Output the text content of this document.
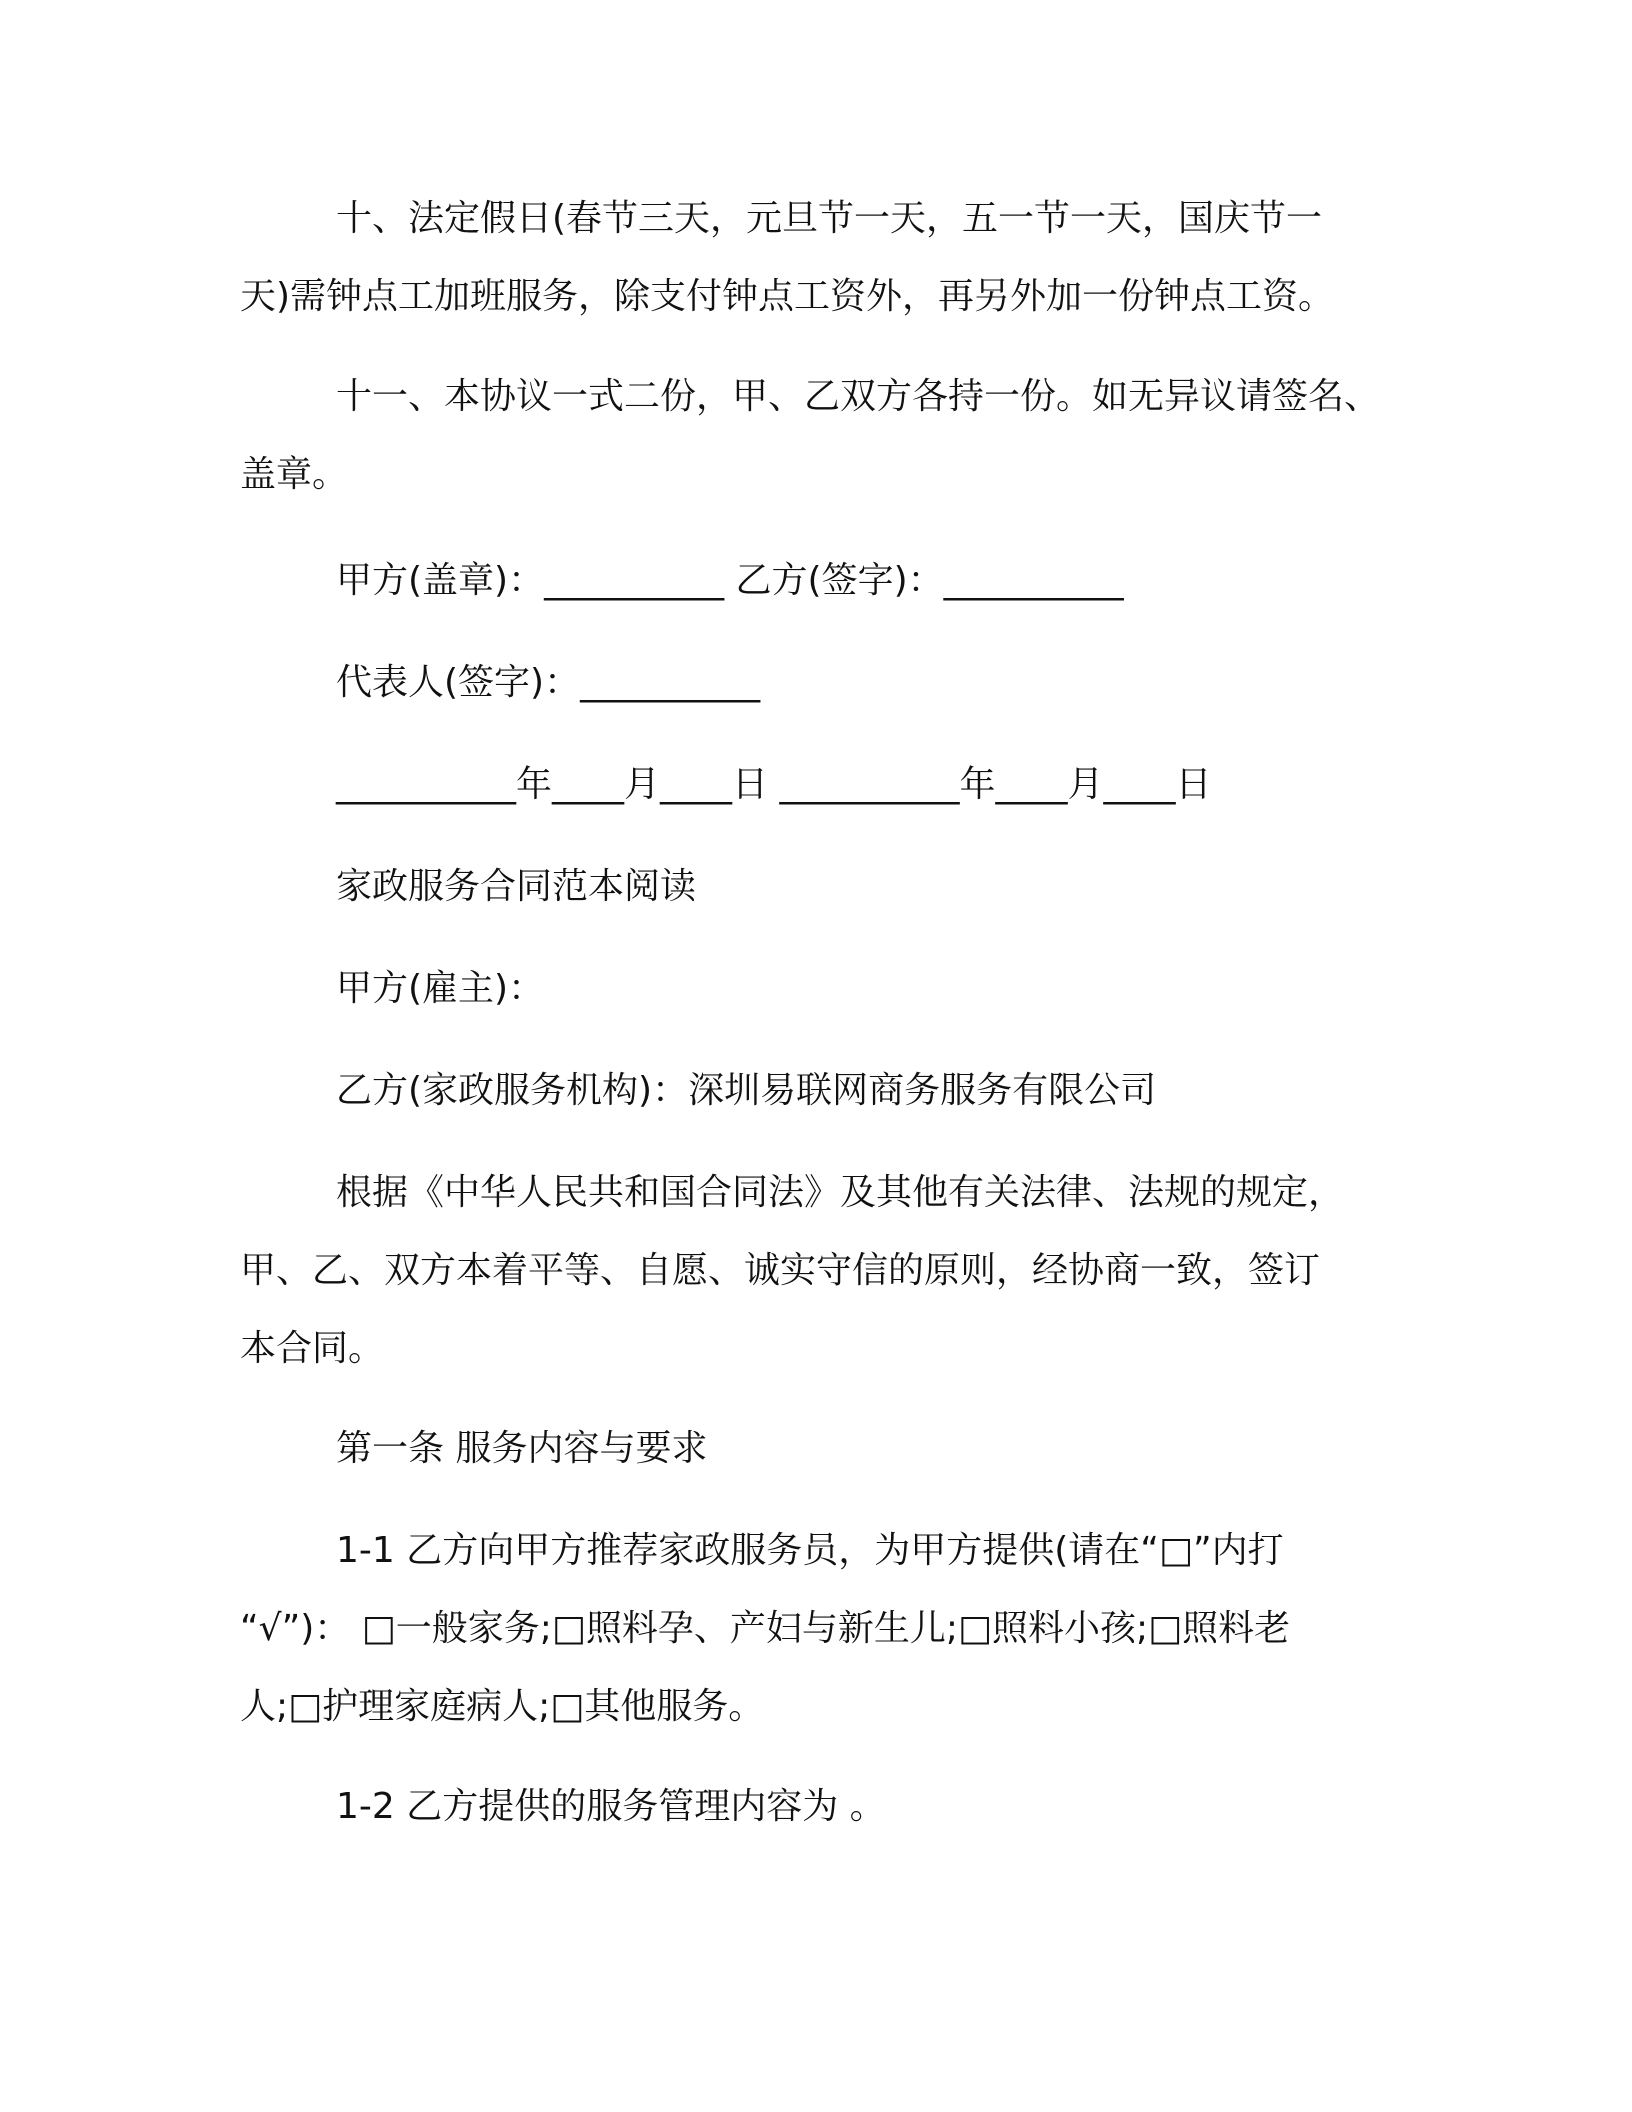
十、法定假日(春节三天，元旦节一天，五一节一天，国庆节一
天)需钟点工加班服务，除支付钟点工资外，再另外加一份钟点工资。

十一、本协议一式二份，甲、乙双方各持一份。如无异议请签名、
盖章。

甲方(盖章)：__________ 乙方(签字)：__________

代表人(签字)：__________

__________年____月____日 __________年____月____日

家政服务合同范本阅读

甲方(雇主)：

乙方(家政服务机构)：深圳易联网商务服务有限公司

根据《中华人民共和国合同法》及其他有关法律、法规的规定，
甲、乙、双方本着平等、自愿、诚实守信的原则，经协商一致，签订
本合同。

第一条 服务内容与要求

1-1 乙方向甲方推荐家政服务员，为甲方提供(请在“□”内打
“√”)： □一般家务;□照料孕、产妇与新生儿;□照料小孩;□照料老
人;□护理家庭病人;□其他服务。

1-2 乙方提供的服务管理内容为 。
